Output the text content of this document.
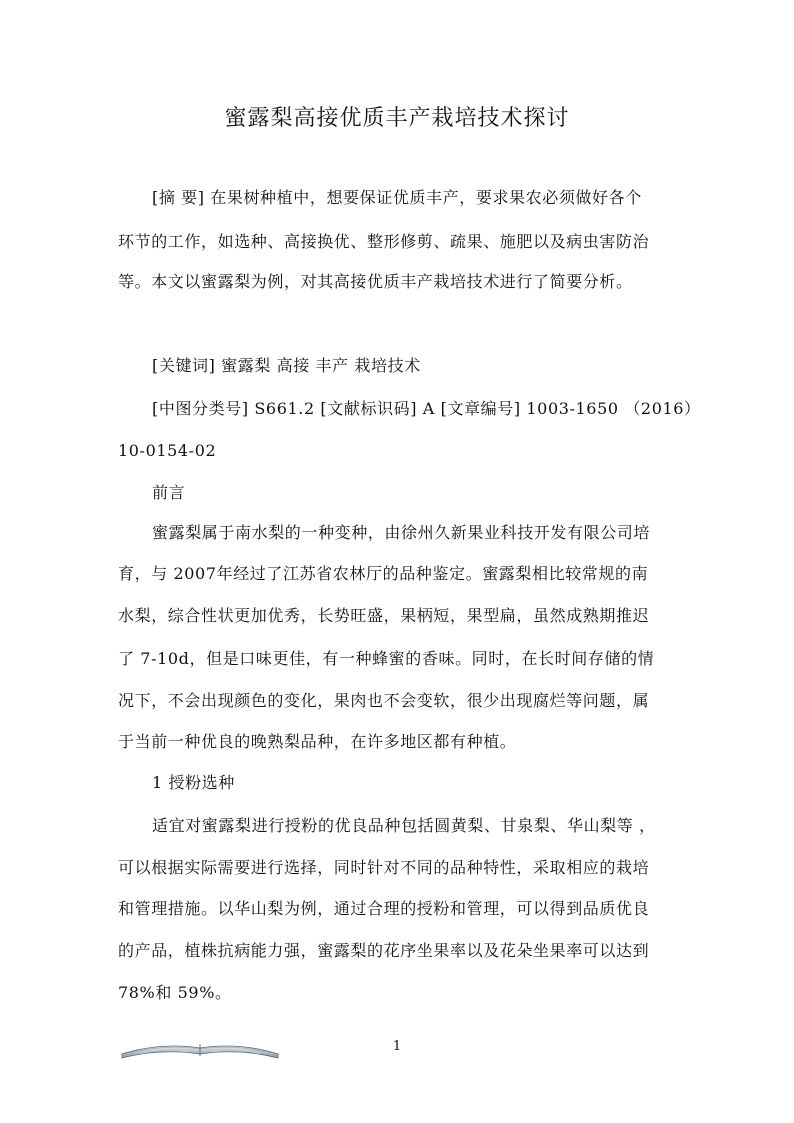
蜜露梨高接优质丰产栽培技术探讨
[摘 要] 在果树种植中，想要保证优质丰产，要求果农必须做好各个
环节的工作，如选种、高接换优、整形修剪、疏果、施肥以及病虫害防治
等。本文以蜜露梨为例，对其高接优质丰产栽培技术进行了简要分析。
[关键词] 蜜露梨 高接 丰产 栽培技术
[中图分类号] S661.2 [文献标识码] A [文章编号] 1003-1650 （2016）
10-0154-02
前言
蜜露梨属于南水梨的一种变种，由徐州久新果业科技开发有限公司培
育，与 2007年经过了江苏省农林厅的品种鉴定。蜜露梨相比较常规的南
水梨，综合性状更加优秀，长势旺盛，果柄短，果型扁，虽然成熟期推迟
了 7-10d，但是口味更佳，有一种蜂蜜的香味。同时，在长时间存储的情
况下，不会出现颜色的变化，果肉也不会变软，很少出现腐烂等问题，属
于当前一种优良的晚熟梨品种，在许多地区都有种植。
1 授粉选种
适宜对蜜露梨进行授粉的优良品种包括圆黄梨、甘泉梨、华山梨等 ，
可以根据实际需要进行选择，同时针对不同的品种特性，采取相应的栽培
和管理措施。以华山梨为例，通过合理的授粉和管理，可以得到品质优良
的产品，植株抗病能力强，蜜露梨的花序坐果率以及花朵坐果率可以达到
78%和 59%。
1
